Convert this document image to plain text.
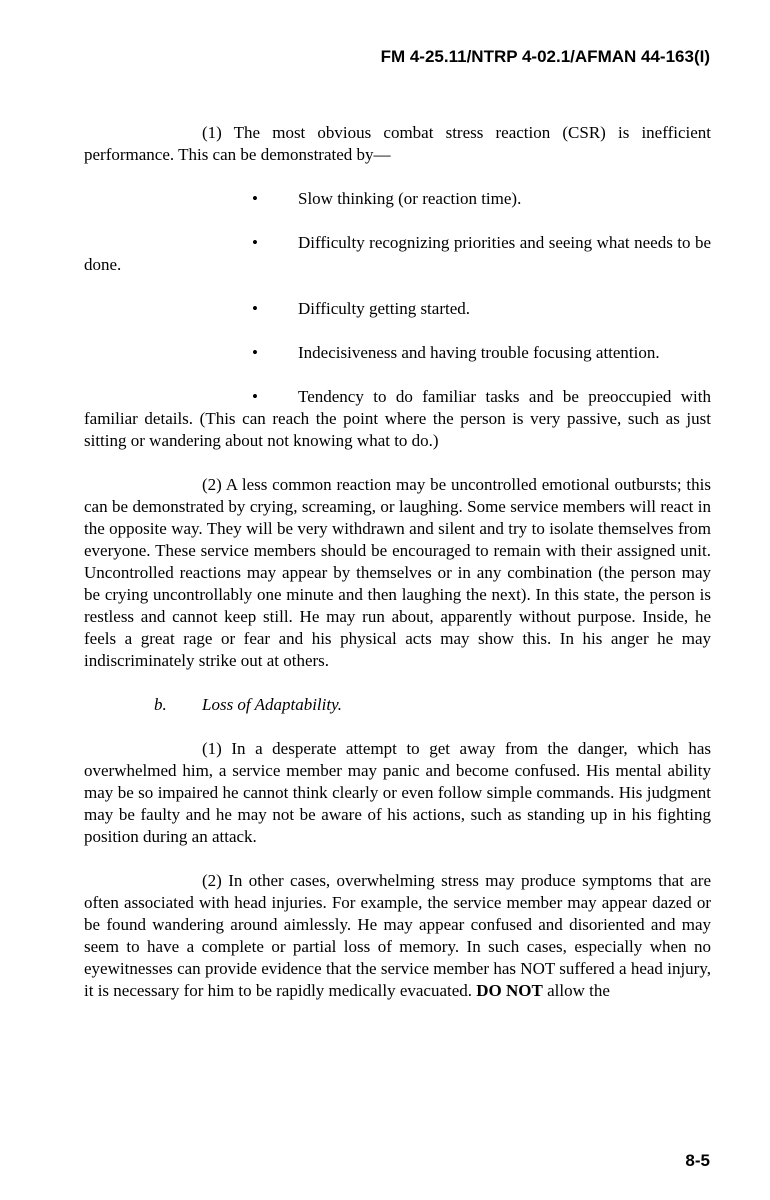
FM 4-25.11/NTRP 4-02.1/AFMAN 44-163(I)

(1) The most obvious combat stress reaction (CSR) is inefficient performance. This can be demonstrated by—

• Slow thinking (or reaction time).

• Difficulty recognizing priorities and seeing what needs to be done.

• Difficulty getting started.

• Indecisiveness and having trouble focusing attention.

• Tendency to do familiar tasks and be preoccupied with familiar details. (This can reach the point where the person is very passive, such as just sitting or wandering about not knowing what to do.)

(2) A less common reaction may be uncontrolled emotional outbursts; this can be demonstrated by crying, screaming, or laughing. Some service members will react in the opposite way. They will be very withdrawn and silent and try to isolate themselves from everyone. These service members should be encouraged to remain with their assigned unit. Uncontrolled reactions may appear by themselves or in any combination (the person may be crying uncontrollably one minute and then laughing the next). In this state, the person is restless and cannot keep still. He may run about, apparently without purpose. Inside, he feels a great rage or fear and his physical acts may show this. In his anger he may indiscriminately strike out at others.

b. Loss of Adaptability.

(1) In a desperate attempt to get away from the danger, which has overwhelmed him, a service member may panic and become confused. His mental ability may be so impaired he cannot think clearly or even follow simple commands. His judgment may be faulty and he may not be aware of his actions, such as standing up in his fighting position during an attack.

(2) In other cases, overwhelming stress may produce symptoms that are often associated with head injuries. For example, the service member may appear dazed or be found wandering around aimlessly. He may appear confused and disoriented and may seem to have a complete or partial loss of memory. In such cases, especially when no eyewitnesses can provide evidence that the service member has NOT suffered a head injury, it is necessary for him to be rapidly medically evacuated. DO NOT allow the

8-5
